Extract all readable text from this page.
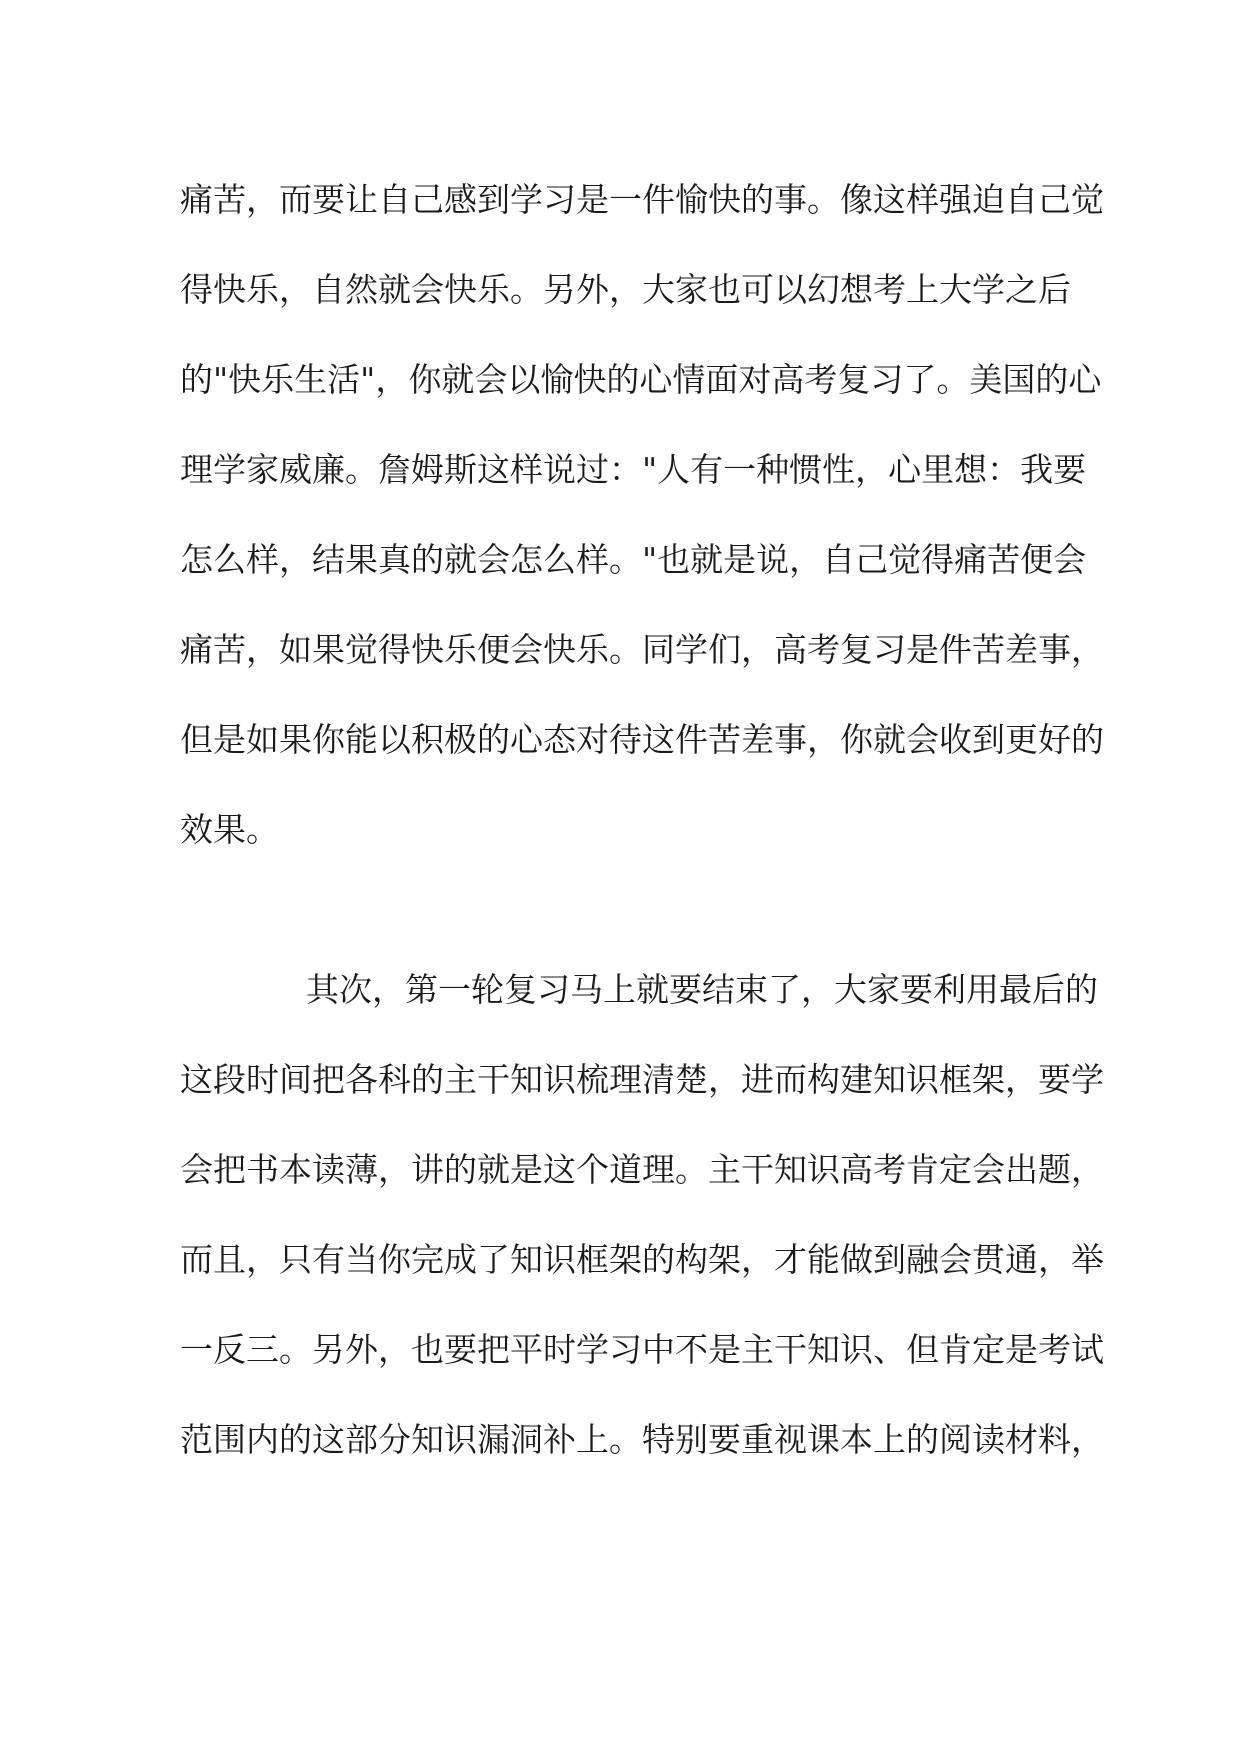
痛苦，而要让自己感到学习是一件愉快的事。像这样强迫自己觉
得快乐，自然就会快乐。另外，大家也可以幻想考上大学之后
的"快乐生活"，你就会以愉快的心情面对高考复习了。美国的心
理学家威廉。詹姆斯这样说过："人有一种惯性，心里想：我要
怎么样，结果真的就会怎么样。"也就是说，自己觉得痛苦便会
痛苦，如果觉得快乐便会快乐。同学们，高考复习是件苦差事，
但是如果你能以积极的心态对待这件苦差事，你就会收到更好的
效果。
其次，第一轮复习马上就要结束了，大家要利用最后的
这段时间把各科的主干知识梳理清楚，进而构建知识框架，要学
会把书本读薄，讲的就是这个道理。主干知识高考肯定会出题，
而且，只有当你完成了知识框架的构架，才能做到融会贯通，举
一反三。另外，也要把平时学习中不是主干知识、但肯定是考试
范围内的这部分知识漏洞补上。特别要重视课本上的阅读材料，
